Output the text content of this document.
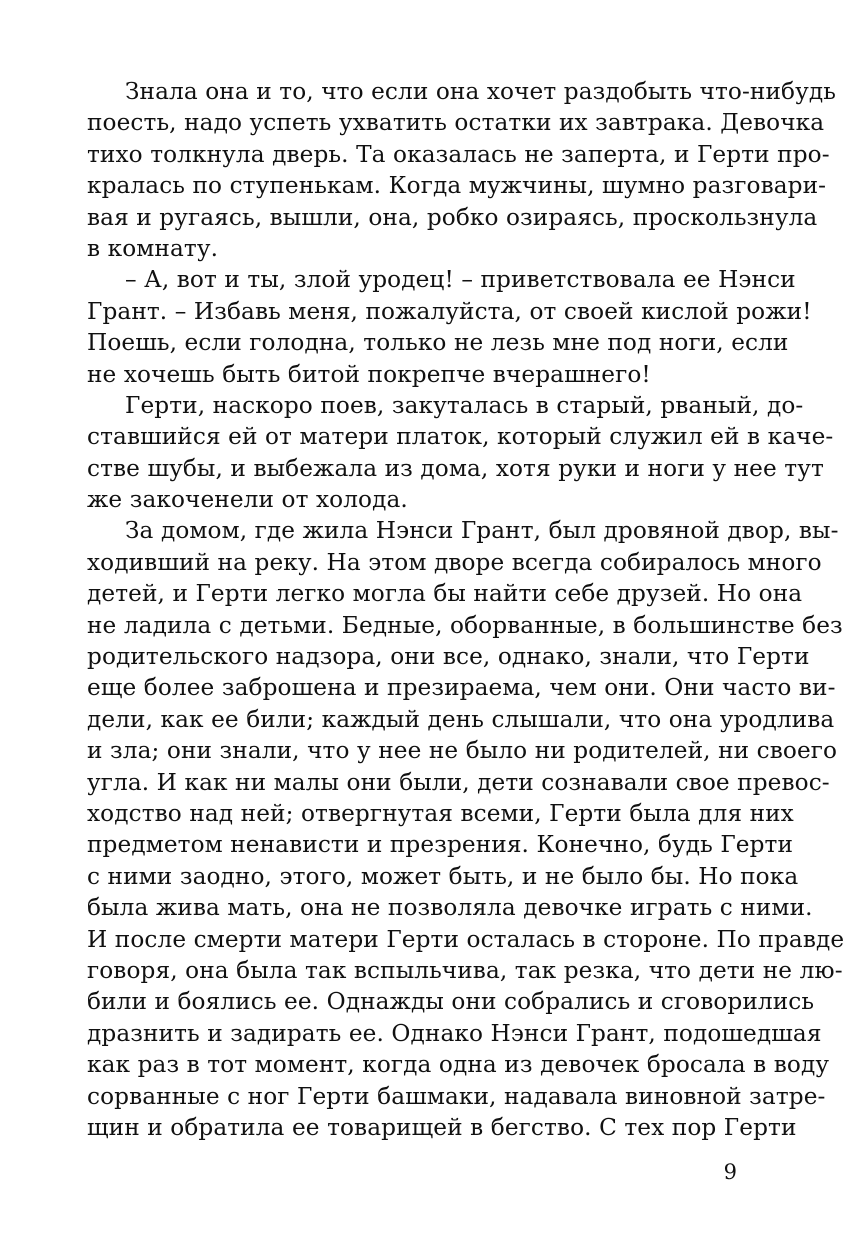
Знала она и то, что если она хочет раздобыть что-нибудь
поесть, надо успеть ухватить остатки их завтрака. Девочка
тихо толкнула дверь. Та оказалась не заперта, и Герти про-
кралась по ступенькам. Когда мужчины, шумно разговари-
вая и ругаясь, вышли, она, робко озираясь, проскользнула
в комнату.
– А, вот и ты, злой уродец! – приветствовала ее Нэнси
Грант. – Избавь меня, пожалуйста, от своей кислой рожи!
Поешь, если голодна, только не лезь мне под ноги, если
не хочешь быть битой покрепче вчерашнего!
Герти, наскоро поев, закуталась в старый, рваный, до-
ставшийся ей от матери платок, который служил ей в каче-
стве шубы, и выбежала из дома, хотя руки и ноги у нее тут
же закоченели от холода.
За домом, где жила Нэнси Грант, был дровяной двор, вы-
ходивший на реку. На этом дворе всегда собиралось много
детей, и Герти легко могла бы найти себе друзей. Но она
не ладила с детьми. Бедные, оборванные, в большинстве без
родительского надзора, они все, однако, знали, что Герти
еще более заброшена и презираема, чем они. Они часто ви-
дели, как ее били; каждый день слышали, что она уродлива
и зла; они знали, что у нее не было ни родителей, ни своего
угла. И как ни малы они были, дети сознавали свое превос-
ходство над ней; отвергнутая всеми, Герти была для них
предметом ненависти и презрения. Конечно, будь Герти
с ними заодно, этого, может быть, и не было бы. Но пока
была жива мать, она не позволяла девочке играть с ними.
И после смерти матери Герти осталась в стороне. По правде
говоря, она была так вспыльчива, так резка, что дети не лю-
били и боялись ее. Однажды они собрались и сговорились
дразнить и задирать ее. Однако Нэнси Грант, подошедшая
как раз в тот момент, когда одна из девочек бросала в воду
сорванные с ног Герти башмаки, надавала виновной затре-
щин и обратила ее товарищей в бегство. С тех пор Герти
9
